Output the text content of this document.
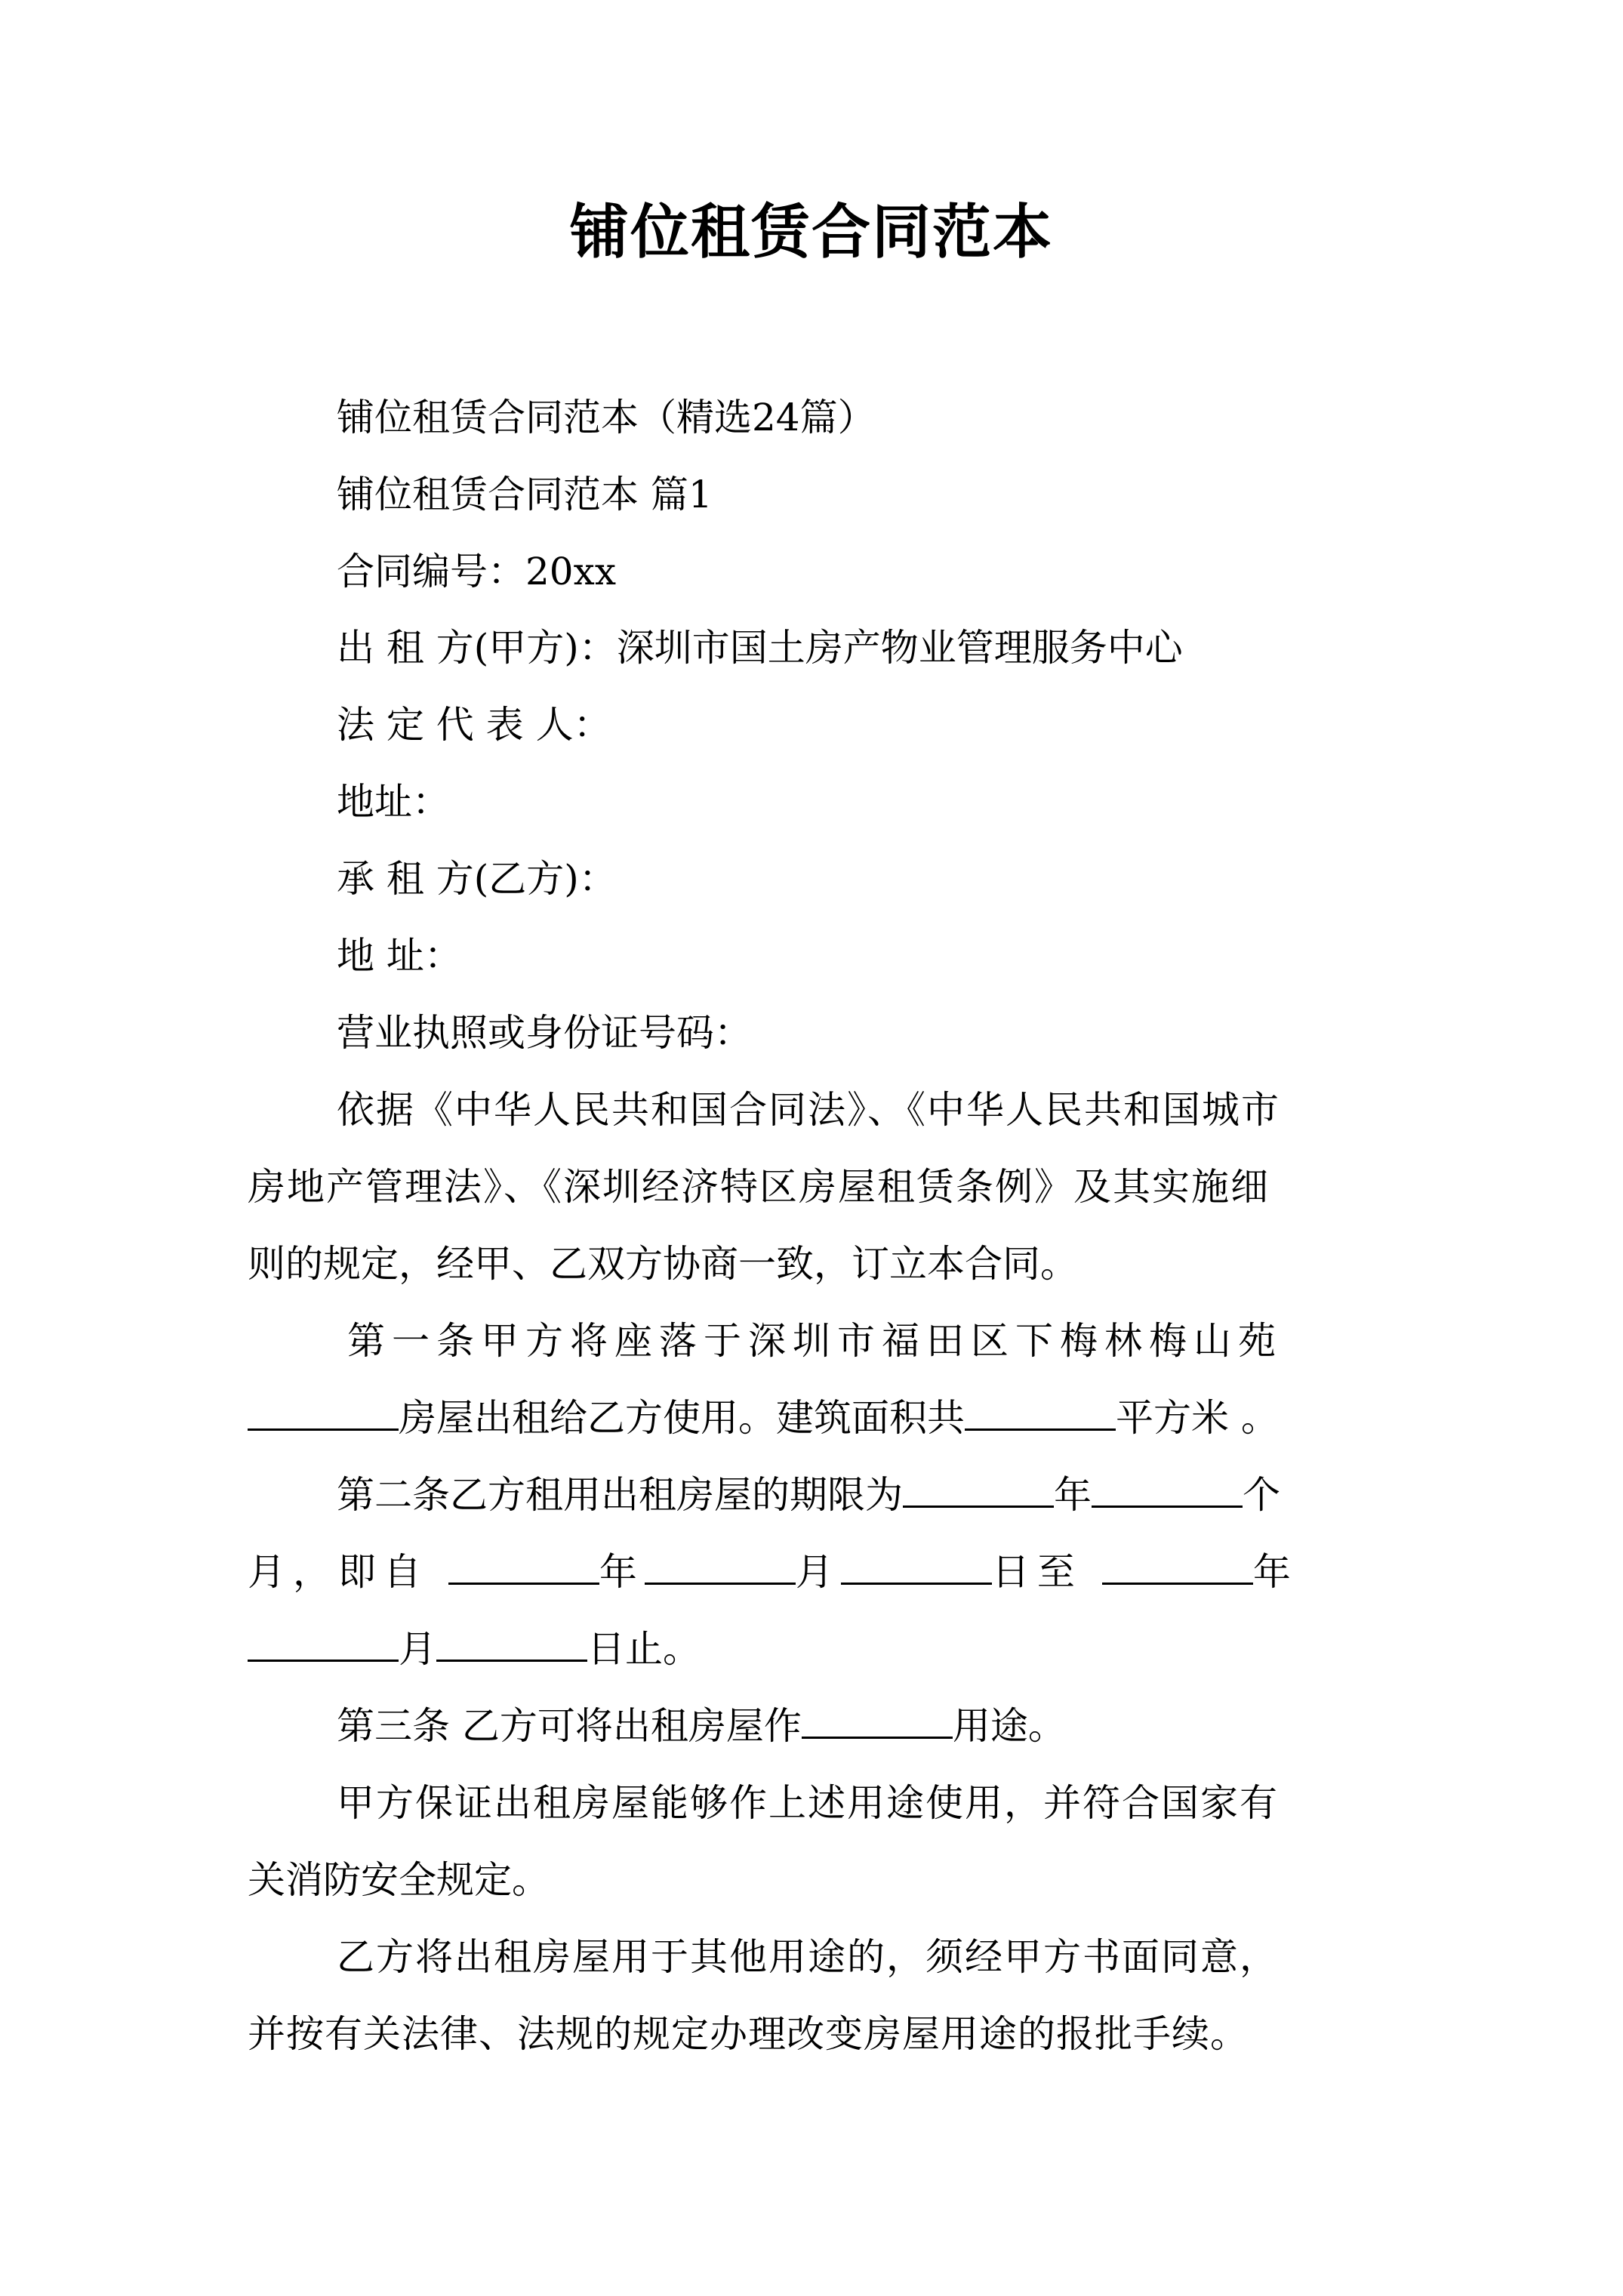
铺位租赁合同范本

铺位租赁合同范本（精选24篇）

铺位租赁合同范本 篇1

合同编号：20xx

出 租 方(甲方)：深圳市国土房产物业管理服务中心

法 定 代 表 人：

地址：

承 租 方(乙方)：

地 址：

营业执照或身份证号码：

依据《中华人民共和国合同法》、《中华人民共和国城市

房地产管理法》、《深圳经济特区房屋租赁条例》及其实施细

则的规定，经甲、乙双方协商一致，订立本合同。

第一条甲方将座落于深圳市福田区下梅林梅山苑

房屋出租给乙方使用。建筑面积共	平方米 。

第二条乙方租用出租房屋的期限为	年	个

月，即自	年	月	日至	年

月	日止。

第三条 乙方可将出租房屋作	用途。

甲方保证出租房屋能够作上述用途使用，并符合国家有

关消防安全规定。

乙方将出租房屋用于其他用途的，须经甲方书面同意，

并按有关法律、法规的规定办理改变房屋用途的报批手续。
